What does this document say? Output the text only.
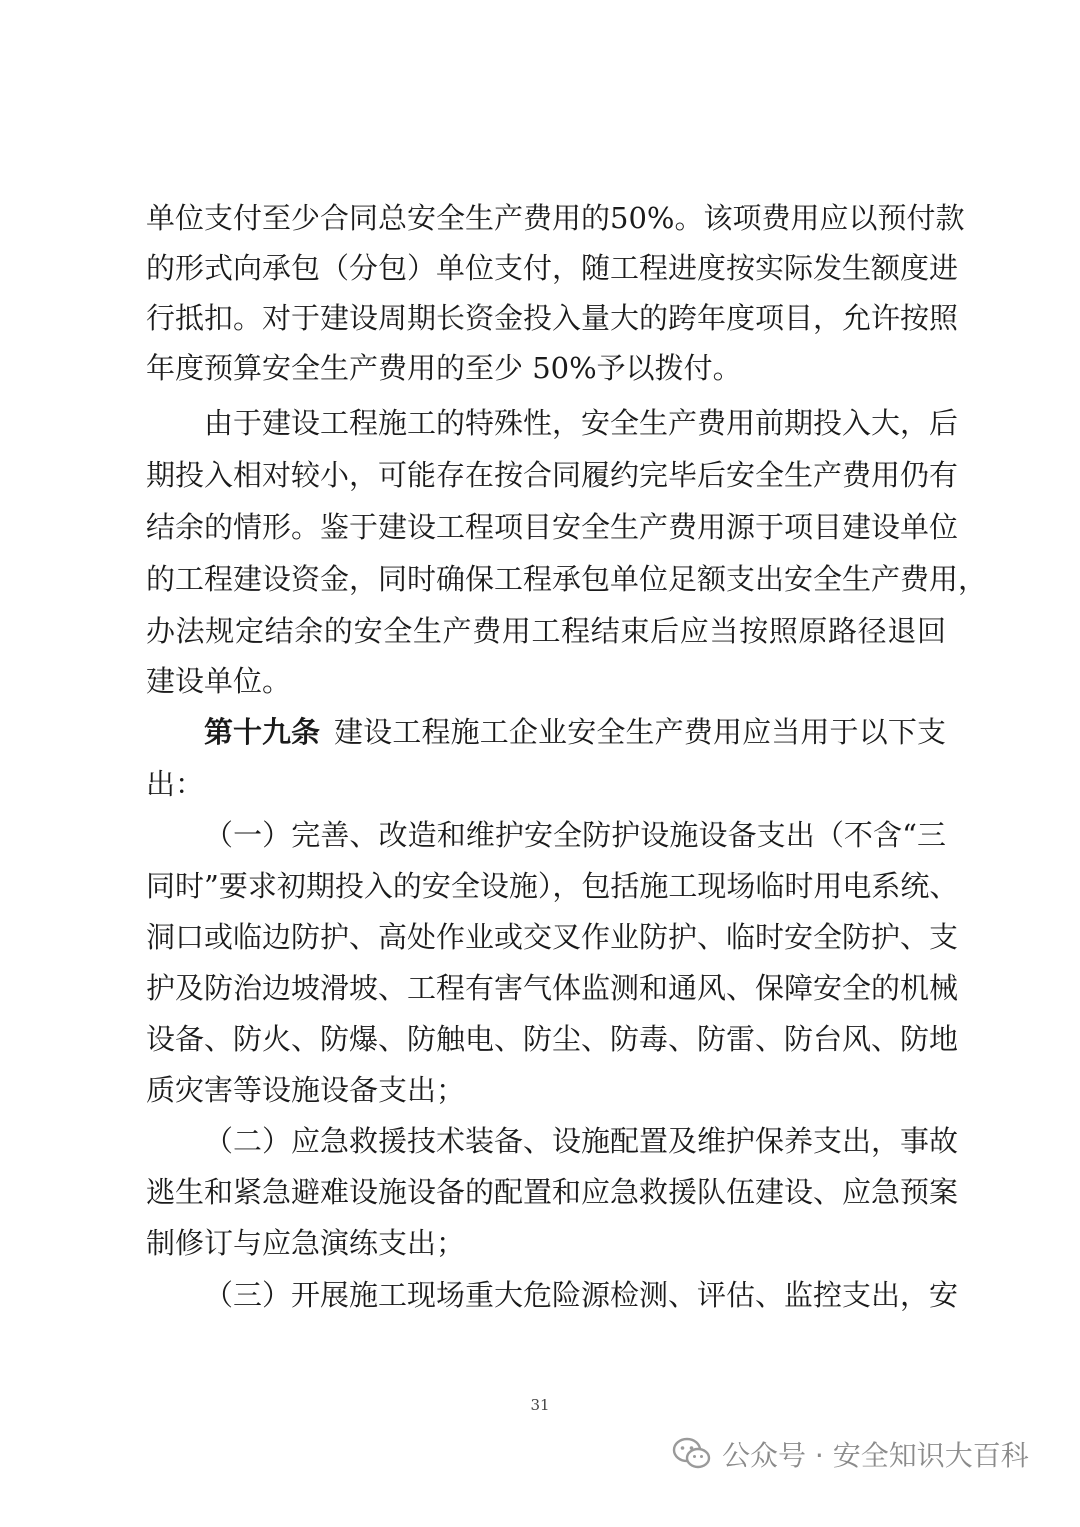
单位支付至少合同总安全生产费用的50%。该项费用应以预付款
的形式向承包（分包）单位支付，随工程进度按实际发生额度进
行抵扣。对于建设周期长资金投入量大的跨年度项目，允许按照
年度预算安全生产费用的至少 50%予以拨付。
由于建设工程施工的特殊性，安全生产费用前期投入大，后
期投入相对较小，可能存在按合同履约完毕后安全生产费用仍有
结余的情形。鉴于建设工程项目安全生产费用源于项目建设单位
的工程建设资金，同时确保工程承包单位足额支出安全生产费用，
办法规定结余的安全生产费用工程结束后应当按照原路径退回
建设单位。
第十九条 建设工程施工企业安全生产费用应当用于以下支
出：
（一）完善、改造和维护安全防护设施设备支出（不含“三
同时”要求初期投入的安全设施），包括施工现场临时用电系统、
洞口或临边防护、高处作业或交叉作业防护、临时安全防护、支
护及防治边坡滑坡、工程有害气体监测和通风、保障安全的机械
设备、防火、防爆、防触电、防尘、防毒、防雷、防台风、防地
质灾害等设施设备支出；
（二）应急救援技术装备、设施配置及维护保养支出，事故
逃生和紧急避难设施设备的配置和应急救援队伍建设、应急预案
制修订与应急演练支出；
（三）开展施工现场重大危险源检测、评估、监控支出，安
31
公众号 · 安全知识大百科
